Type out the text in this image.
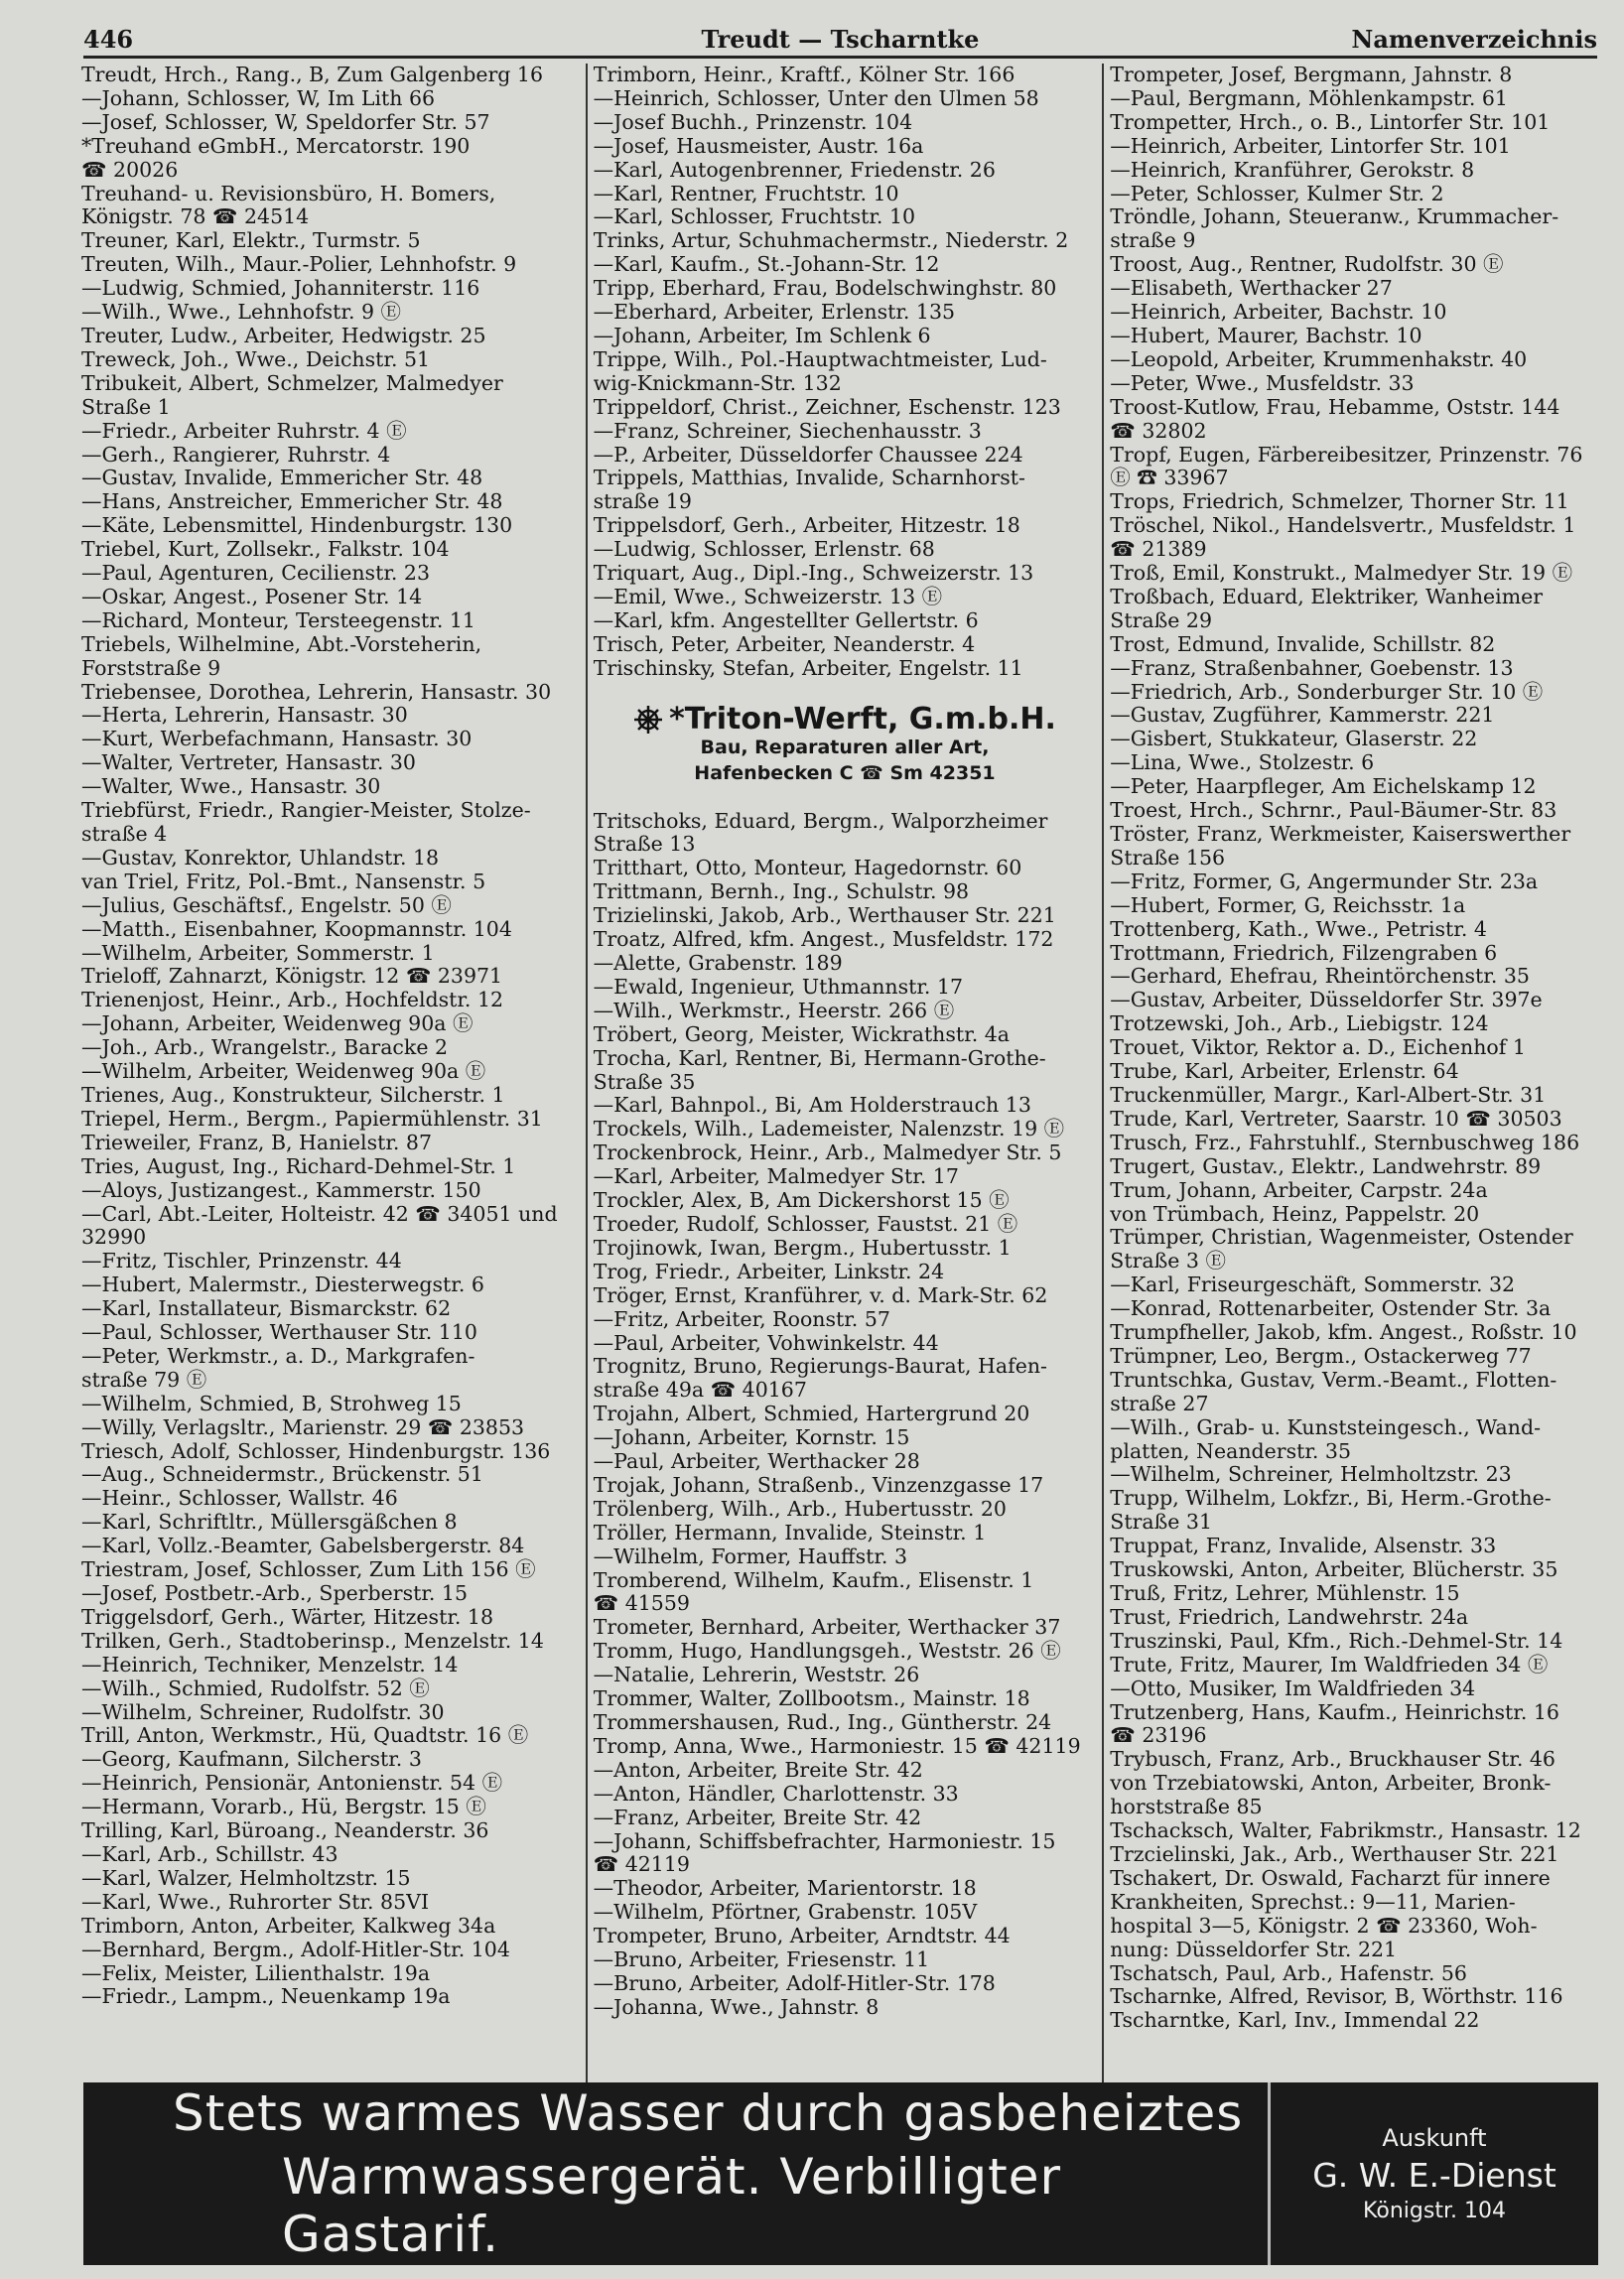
446	Treudt — Tscharntke	Namenverzeichnis
Treudt, Hrch., Rang., B, Zum Galgenberg 16
—Johann, Schlosser, W, Im Lith 66
—Josef, Schlosser, W, Speldorfer Str. 57
*Treuhand eGmbH., Mercatorstr. 190
☎ 20026
Treuhand- u. Revisionsbüro, H. Bomers,
Königstr. 78 ☎ 24514
Treuner, Karl, Elektr., Turmstr. 5
Treuten, Wilh., Maur.-Polier, Lehnhofstr. 9
—Ludwig, Schmied, Johanniterstr. 116
—Wilh., Wwe., Lehnhofstr. 9 Ⓔ
Treuter, Ludw., Arbeiter, Hedwigstr. 25
Treweck, Joh., Wwe., Deichstr. 51
Tribukeit, Albert, Schmelzer, Malmedyer
Straße 1
—Friedr., Arbeiter Ruhrstr. 4 Ⓔ
—Gerh., Rangierer, Ruhrstr. 4
—Gustav, Invalide, Emmericher Str. 48
—Hans, Anstreicher, Emmericher Str. 48
—Käte, Lebensmittel, Hindenburgstr. 130
Triebel, Kurt, Zollsekr., Falkstr. 104
—Paul, Agenturen, Cecilienstr. 23
—Oskar, Angest., Posener Str. 14
—Richard, Monteur, Tersteegenstr. 11
Triebels, Wilhelmine, Abt.-Vorsteherin,
Forststraße 9
Triebensee, Dorothea, Lehrerin, Hansastr. 30
—Herta, Lehrerin, Hansastr. 30
—Kurt, Werbefachmann, Hansastr. 30
—Walter, Vertreter, Hansastr. 30
—Walter, Wwe., Hansastr. 30
Triebfürst, Friedr., Rangier-Meister, Stolze-
straße 4
—Gustav, Konrektor, Uhlandstr. 18
van Triel, Fritz, Pol.-Bmt., Nansenstr. 5
—Julius, Geschäftsf., Engelstr. 50 Ⓔ
—Matth., Eisenbahner, Koopmannstr. 104
—Wilhelm, Arbeiter, Sommerstr. 1
Trieloff, Zahnarzt, Königstr. 12 ☎ 23971
Trienenjost, Heinr., Arb., Hochfeldstr. 12
—Johann, Arbeiter, Weidenweg 90a Ⓔ
—Joh., Arb., Wrangelstr., Baracke 2
—Wilhelm, Arbeiter, Weidenweg 90a Ⓔ
Trienes, Aug., Konstrukteur, Silcherstr. 1
Triepel, Herm., Bergm., Papiermühlenstr. 31
Trieweiler, Franz, B, Hanielstr. 87
Tries, August, Ing., Richard-Dehmel-Str. 1
—Aloys, Justizangest., Kammerstr. 150
—Carl, Abt.-Leiter, Holteistr. 42 ☎ 34051 und
32990
—Fritz, Tischler, Prinzenstr. 44
—Hubert, Malermstr., Diesterwegstr. 6
—Karl, Installateur, Bismarckstr. 62
—Paul, Schlosser, Werthauser Str. 110
—Peter, Werkmstr., a. D., Markgrafen-
straße 79 Ⓔ
—Wilhelm, Schmied, B, Strohweg 15
—Willy, Verlagsltr., Marienstr. 29 ☎ 23853
Triesch, Adolf, Schlosser, Hindenburgstr. 136
—Aug., Schneidermstr., Brückenstr. 51
—Heinr., Schlosser, Wallstr. 46
—Karl, Schriftltr., Müllersgäßchen 8
—Karl, Vollz.-Beamter, Gabelsbergerstr. 84
Triestram, Josef, Schlosser, Zum Lith 156 Ⓔ
—Josef, Postbetr.-Arb., Sperberstr. 15
Triggelsdorf, Gerh., Wärter, Hitzestr. 18
Trilken, Gerh., Stadtoberinsp., Menzelstr. 14
—Heinrich, Techniker, Menzelstr. 14
—Wilh., Schmied, Rudolfstr. 52 Ⓔ
—Wilhelm, Schreiner, Rudolfstr. 30
Trill, Anton, Werkmstr., Hü, Quadtstr. 16 Ⓔ
—Georg, Kaufmann, Silcherstr. 3
—Heinrich, Pensionär, Antonienstr. 54 Ⓔ
—Hermann, Vorarb., Hü, Bergstr. 15 Ⓔ
Trilling, Karl, Büroang., Neanderstr. 36
—Karl, Arb., Schillstr. 43
—Karl, Walzer, Helmholtzstr. 15
—Karl, Wwe., Ruhrorter Str. 85VI
Trimborn, Anton, Arbeiter, Kalkweg 34a
—Bernhard, Bergm., Adolf-Hitler-Str. 104
—Felix, Meister, Lilienthalstr. 19a
—Friedr., Lampm., Neuenkamp 19a
Trimborn, Heinr., Kraftf., Kölner Str. 166
—Heinrich, Schlosser, Unter den Ulmen 58
—Josef Buchh., Prinzenstr. 104
—Josef, Hausmeister, Austr. 16a
—Karl, Autogenbrenner, Friedenstr. 26
—Karl, Rentner, Fruchtstr. 10
—Karl, Schlosser, Fruchtstr. 10
Trinks, Artur, Schuhmachermstr., Niederstr. 2
—Karl, Kaufm., St.-Johann-Str. 12
Tripp, Eberhard, Frau, Bodelschwinghstr. 80
—Eberhard, Arbeiter, Erlenstr. 135
—Johann, Arbeiter, Im Schlenk 6
Trippe, Wilh., Pol.-Hauptwachtmeister, Lud-
wig-Knickmann-Str. 132
Trippeldorf, Christ., Zeichner, Eschenstr. 123
—Franz, Schreiner, Siechenhausstr. 3
—P., Arbeiter, Düsseldorfer Chaussee 224
Trippels, Matthias, Invalide, Scharnhorst-
straße 19
Trippelsdorf, Gerh., Arbeiter, Hitzestr. 18
—Ludwig, Schlosser, Erlenstr. 68
Triquart, Aug., Dipl.-Ing., Schweizerstr. 13
—Emil, Wwe., Schweizerstr. 13 Ⓔ
—Karl, kfm. Angestellter Gellertstr. 6
Trisch, Peter, Arbeiter, Neanderstr. 4
Trischinsky, Stefan, Arbeiter, Engelstr. 11
*Triton-Werft, G.m.b.H.
Bau, Reparaturen aller Art,
Hafenbecken C ☎ Sm 42351
Tritschoks, Eduard, Bergm., Walporzheimer
Straße 13
Tritthart, Otto, Monteur, Hagedornstr. 60
Trittmann, Bernh., Ing., Schulstr. 98
Trizielinski, Jakob, Arb., Werthauser Str. 221
Troatz, Alfred, kfm. Angest., Musfeldstr. 172
—Alette, Grabenstr. 189
—Ewald, Ingenieur, Uthmannstr. 17
—Wilh., Werkmstr., Heerstr. 266 Ⓔ
Tröbert, Georg, Meister, Wickrathstr. 4a
Trocha, Karl, Rentner, Bi, Hermann-Grothe-
Straße 35
—Karl, Bahnpol., Bi, Am Holderstrauch 13
Trockels, Wilh., Lademeister, Nalenzstr. 19 Ⓔ
Trockenbrock, Heinr., Arb., Malmedyer Str. 5
—Karl, Arbeiter, Malmedyer Str. 17
Trockler, Alex, B, Am Dickershorst 15 Ⓔ
Troeder, Rudolf, Schlosser, Faustst. 21 Ⓔ
Trojinowk, Iwan, Bergm., Hubertusstr. 1
Trog, Friedr., Arbeiter, Linkstr. 24
Tröger, Ernst, Kranführer, v. d. Mark-Str. 62
—Fritz, Arbeiter, Roonstr. 57
—Paul, Arbeiter, Vohwinkelstr. 44
Trognitz, Bruno, Regierungs-Baurat, Hafen-
straße 49a ☎ 40167
Trojahn, Albert, Schmied, Hartergrund 20
—Johann, Arbeiter, Kornstr. 15
—Paul, Arbeiter, Werthacker 28
Trojak, Johann, Straßenb., Vinzenzgasse 17
Trölenberg, Wilh., Arb., Hubertusstr. 20
Tröller, Hermann, Invalide, Steinstr. 1
—Wilhelm, Former, Hauffstr. 3
Tromberend, Wilhelm, Kaufm., Elisenstr. 1
☎ 41559
Trometer, Bernhard, Arbeiter, Werthacker 37
Tromm, Hugo, Handlungsgeh., Weststr. 26 Ⓔ
—Natalie, Lehrerin, Weststr. 26
Trommer, Walter, Zollbootsm., Mainstr. 18
Trommershausen, Rud., Ing., Güntherstr. 24
Tromp, Anna, Wwe., Harmoniestr. 15 ☎ 42119
—Anton, Arbeiter, Breite Str. 42
—Anton, Händler, Charlottenstr. 33
—Franz, Arbeiter, Breite Str. 42
—Johann, Schiffsbefrachter, Harmoniestr. 15
☎ 42119
—Theodor, Arbeiter, Marientorstr. 18
—Wilhelm, Pförtner, Grabenstr. 105V
Trompeter, Bruno, Arbeiter, Arndtstr. 44
—Bruno, Arbeiter, Friesenstr. 11
—Bruno, Arbeiter, Adolf-Hitler-Str. 178
—Johanna, Wwe., Jahnstr. 8
Trompeter, Josef, Bergmann, Jahnstr. 8
—Paul, Bergmann, Möhlenkampstr. 61
Trompetter, Hrch., o. B., Lintorfer Str. 101
—Heinrich, Arbeiter, Lintorfer Str. 101
—Heinrich, Kranführer, Gerokstr. 8
—Peter, Schlosser, Kulmer Str. 2
Tröndle, Johann, Steueranw., Krummacher-
straße 9
Troost, Aug., Rentner, Rudolfstr. 30 Ⓔ
—Elisabeth, Werthacker 27
—Heinrich, Arbeiter, Bachstr. 10
—Hubert, Maurer, Bachstr. 10
—Leopold, Arbeiter, Krummenhakstr. 40
—Peter, Wwe., Musfeldstr. 33
Troost-Kutlow, Frau, Hebamme, Oststr. 144
☎ 32802
Tropf, Eugen, Färbereibesitzer, Prinzenstr. 76
Ⓔ ☎ 33967
Trops, Friedrich, Schmelzer, Thorner Str. 11
Tröschel, Nikol., Handelsvertr., Musfeldstr. 1
☎ 21389
Troß, Emil, Konstrukt., Malmedyer Str. 19 Ⓔ
Troßbach, Eduard, Elektriker, Wanheimer
Straße 29
Trost, Edmund, Invalide, Schillstr. 82
—Franz, Straßenbahner, Goebenstr. 13
—Friedrich, Arb., Sonderburger Str. 10 Ⓔ
—Gustav, Zugführer, Kammerstr. 221
—Gisbert, Stukkateur, Glaserstr. 22
—Lina, Wwe., Stolzestr. 6
—Peter, Haarpfleger, Am Eichelskamp 12
Troest, Hrch., Schrnr., Paul-Bäumer-Str. 83
Tröster, Franz, Werkmeister, Kaiserswerther
Straße 156
—Fritz, Former, G, Angermunder Str. 23a
—Hubert, Former, G, Reichsstr. 1a
Trottenberg, Kath., Wwe., Petristr. 4
Trottmann, Friedrich, Filzengraben 6
—Gerhard, Ehefrau, Rheintörchenstr. 35
—Gustav, Arbeiter, Düsseldorfer Str. 397e
Trotzewski, Joh., Arb., Liebigstr. 124
Trouet, Viktor, Rektor a. D., Eichenhof 1
Trube, Karl, Arbeiter, Erlenstr. 64
Truckenmüller, Margr., Karl-Albert-Str. 31
Trude, Karl, Vertreter, Saarstr. 10 ☎ 30503
Trusch, Frz., Fahrstuhlf., Sternbuschweg 186
Trugert, Gustav., Elektr., Landwehrstr. 89
Trum, Johann, Arbeiter, Carpstr. 24a
von Trümbach, Heinz, Pappelstr. 20
Trümper, Christian, Wagenmeister, Ostender
Straße 3 Ⓔ
—Karl, Friseurgeschäft, Sommerstr. 32
—Konrad, Rottenarbeiter, Ostender Str. 3a
Trumpfheller, Jakob, kfm. Angest., Roßstr. 10
Trümpner, Leo, Bergm., Ostackerweg 77
Truntschka, Gustav, Verm.-Beamt., Flotten-
straße 27
—Wilh., Grab- u. Kunststeingesch., Wand-
platten, Neanderstr. 35
—Wilhelm, Schreiner, Helmholtzstr. 23
Trupp, Wilhelm, Lokfzr., Bi, Herm.-Grothe-
Straße 31
Truppat, Franz, Invalide, Alsenstr. 33
Truskowski, Anton, Arbeiter, Blücherstr. 35
Truß, Fritz, Lehrer, Mühlenstr. 15
Trust, Friedrich, Landwehrstr. 24a
Truszinski, Paul, Kfm., Rich.-Dehmel-Str. 14
Trute, Fritz, Maurer, Im Waldfrieden 34 Ⓔ
—Otto, Musiker, Im Waldfrieden 34
Trutzenberg, Hans, Kaufm., Heinrichstr. 16
☎ 23196
Trybusch, Franz, Arb., Bruckhauser Str. 46
von Trzebiatowski, Anton, Arbeiter, Bronk-
horststraße 85
Tschacksch, Walter, Fabrikmstr., Hansastr. 12
Trzcielinski, Jak., Arb., Werthauser Str. 221
Tschakert, Dr. Oswald, Facharzt für innere
Krankheiten, Sprechst.: 9—11, Marien-
hospital 3—5, Königstr. 2 ☎ 23360, Woh-
nung: Düsseldorfer Str. 221
Tschatsch, Paul, Arb., Hafenstr. 56
Tscharnke, Alfred, Revisor, B, Wörthstr. 116
Tscharntke, Karl, Inv., Immendal 22
Stets warmes Wasser durch gasbeheiztes
Warmwassergerät. Verbilligter Gastarif.
Auskunft
G. W. E.-Dienst
Königstr. 104
